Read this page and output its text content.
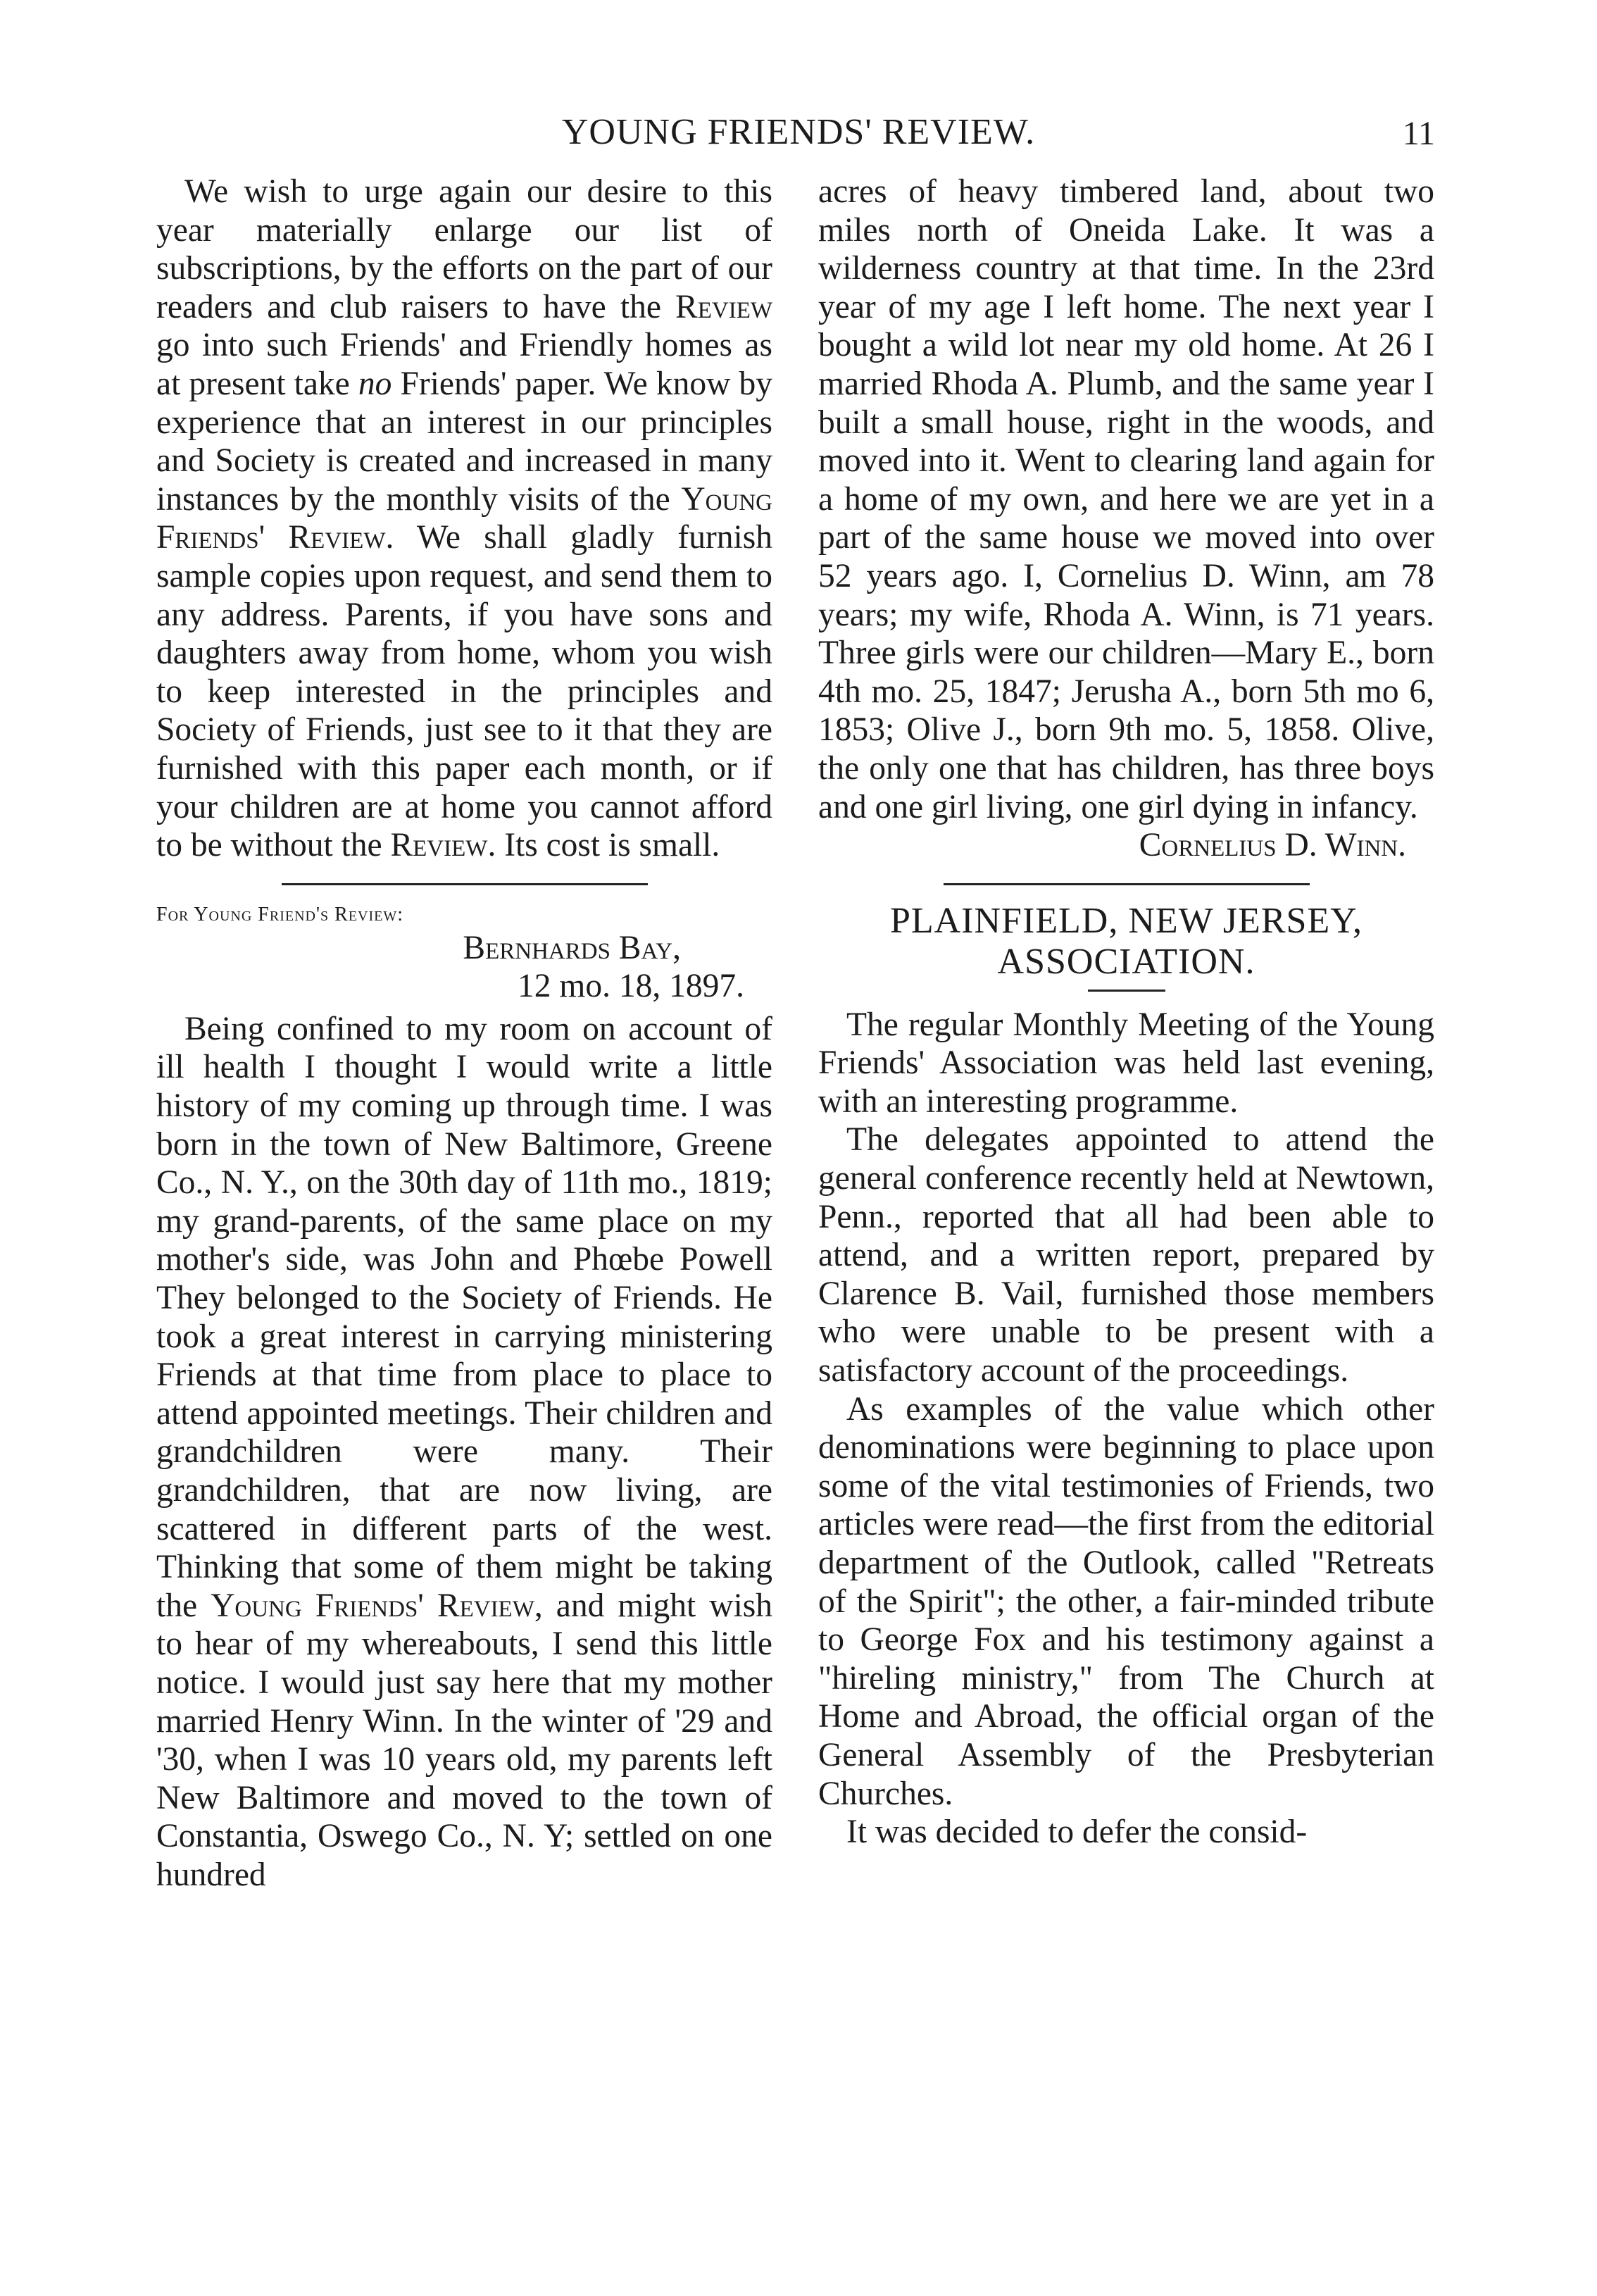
YOUNG FRIENDS' REVIEW.	11

We wish to urge again our desire to this year materially enlarge our list of subscriptions, by the efforts on the part of our readers and club raisers to have the Review go into such Friends' and Friendly homes as at present take no Friends' paper. We know by experience that an interest in our principles and Society is created and increased in many instances by the monthly visits of the Young Friends' Review. We shall gladly furnish sample copies upon request, and send them to any address. Parents, if you have sons and daughters away from home, whom you wish to keep interested in the principles and Society of Friends, just see to it that they are furnished with this paper each month, or if your children are at home you cannot afford to be without the Review. Its cost is small.

For Young Friend's Review:
Bernhards Bay,
12 mo. 18, 1897.

Being confined to my room on account of ill health I thought I would write a little history of my coming up through time. I was born in the town of New Baltimore, Greene Co., N. Y., on the 30th day of 11th mo., 1819; my grand-parents, of the same place on my mother's side, was John and Phœbe Powell They belonged to the Society of Friends. He took a great interest in carrying ministering Friends at that time from place to place to attend appointed meetings. Their children and grandchildren were many. Their grandchildren, that are now living, are scattered in different parts of the west. Thinking that some of them might be taking the Young Friends' Review, and might wish to hear of my whereabouts, I send this little notice. I would just say here that my mother married Henry Winn. In the winter of '29 and '30, when I was 10 years old, my parents left New Baltimore and moved to the town of Constantia, Oswego Co., N. Y; settled on one hundred

acres of heavy timbered land, about two miles north of Oneida Lake. It was a wilderness country at that time. In the 23rd year of my age I left home. The next year I bought a wild lot near my old home. At 26 I married Rhoda A. Plumb, and the same year I built a small house, right in the woods, and moved into it. Went to clearing land again for a home of my own, and here we are yet in a part of the same house we moved into over 52 years ago. I, Cornelius D. Winn, am 78 years; my wife, Rhoda A. Winn, is 71 years. Three girls were our children—Mary E., born 4th mo. 25, 1847; Jerusha A., born 5th mo 6, 1853; Olive J., born 9th mo. 5, 1858. Olive, the only one that has children, has three boys and one girl living, one girl dying in infancy.

Cornelius D. Winn.
PLAINFIELD, NEW JERSEY,
ASSOCIATION.

The regular Monthly Meeting of the Young Friends' Association was held last evening, with an interesting programme.

The delegates appointed to attend the general conference recently held at Newtown, Penn., reported that all had been able to attend, and a written report, prepared by Clarence B. Vail, furnished those members who were unable to be present with a satisfactory account of the proceedings.

As examples of the value which other denominations were beginning to place upon some of the vital testimonies of Friends, two articles were read—the first from the editorial department of the Outlook, called "Retreats of the Spirit"; the other, a fair-minded tribute to George Fox and his testimony against a "hireling ministry," from The Church at Home and Abroad, the official organ of the General Assembly of the Presbyterian Churches.

It was decided to defer the consid-
